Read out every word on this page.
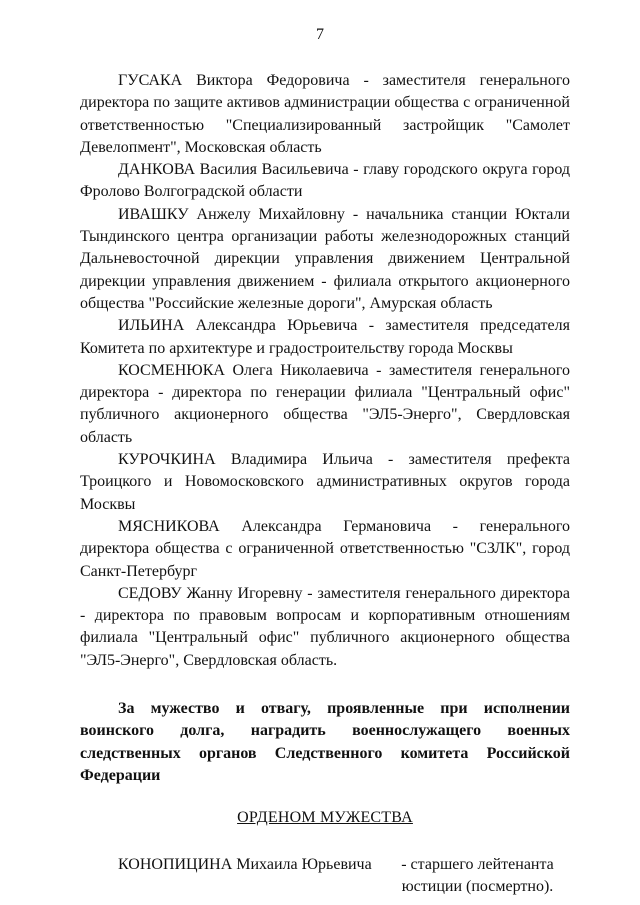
7

ГУСАКА Виктора Федоровича - заместителя генерального директора по защите активов администрации общества с ограниченной ответственностью "Специализированный застройщик "Самолет Девелопмент", Московская область

ДАНКОВА Василия Васильевича - главу городского округа город Фролово Волгоградской области

ИВАШКУ Анжелу Михайловну - начальника станции Юктали Тындинского центра организации работы железнодорожных станций Дальневосточной дирекции управления движением Центральной дирекции управления движением - филиала открытого акционерного общества "Российские железные дороги", Амурская область

ИЛЬИНА Александра Юрьевича - заместителя председателя Комитета по архитектуре и градостроительству города Москвы

КОСМЕНЮКА Олега Николаевича - заместителя генерального директора - директора по генерации филиала "Центральный офис" публичного акционерного общества "ЭЛ5-Энерго", Свердловская область

КУРОЧКИНА Владимира Ильича - заместителя префекта Троицкого и Новомосковского административных округов города Москвы

МЯСНИКОВА Александра Германовича - генерального директора общества с ограниченной ответственностью "СЗЛК", город Санкт-Петербург

СЕДОВУ Жанну Игоревну - заместителя генерального директора - директора по правовым вопросам и корпоративным отношениям филиала "Центральный офис" публичного акционерного общества "ЭЛ5-Энерго", Свердловская область.

За мужество и отвагу, проявленные при исполнении воинского долга, наградить военнослужащего военных следственных органов Следственного комитета Российской Федерации
ОРДЕНОМ МУЖЕСТВА
КОНОПИЦИНА Михаила Юрьевича	- старшего лейтенанта
юстиции (посмертно).
